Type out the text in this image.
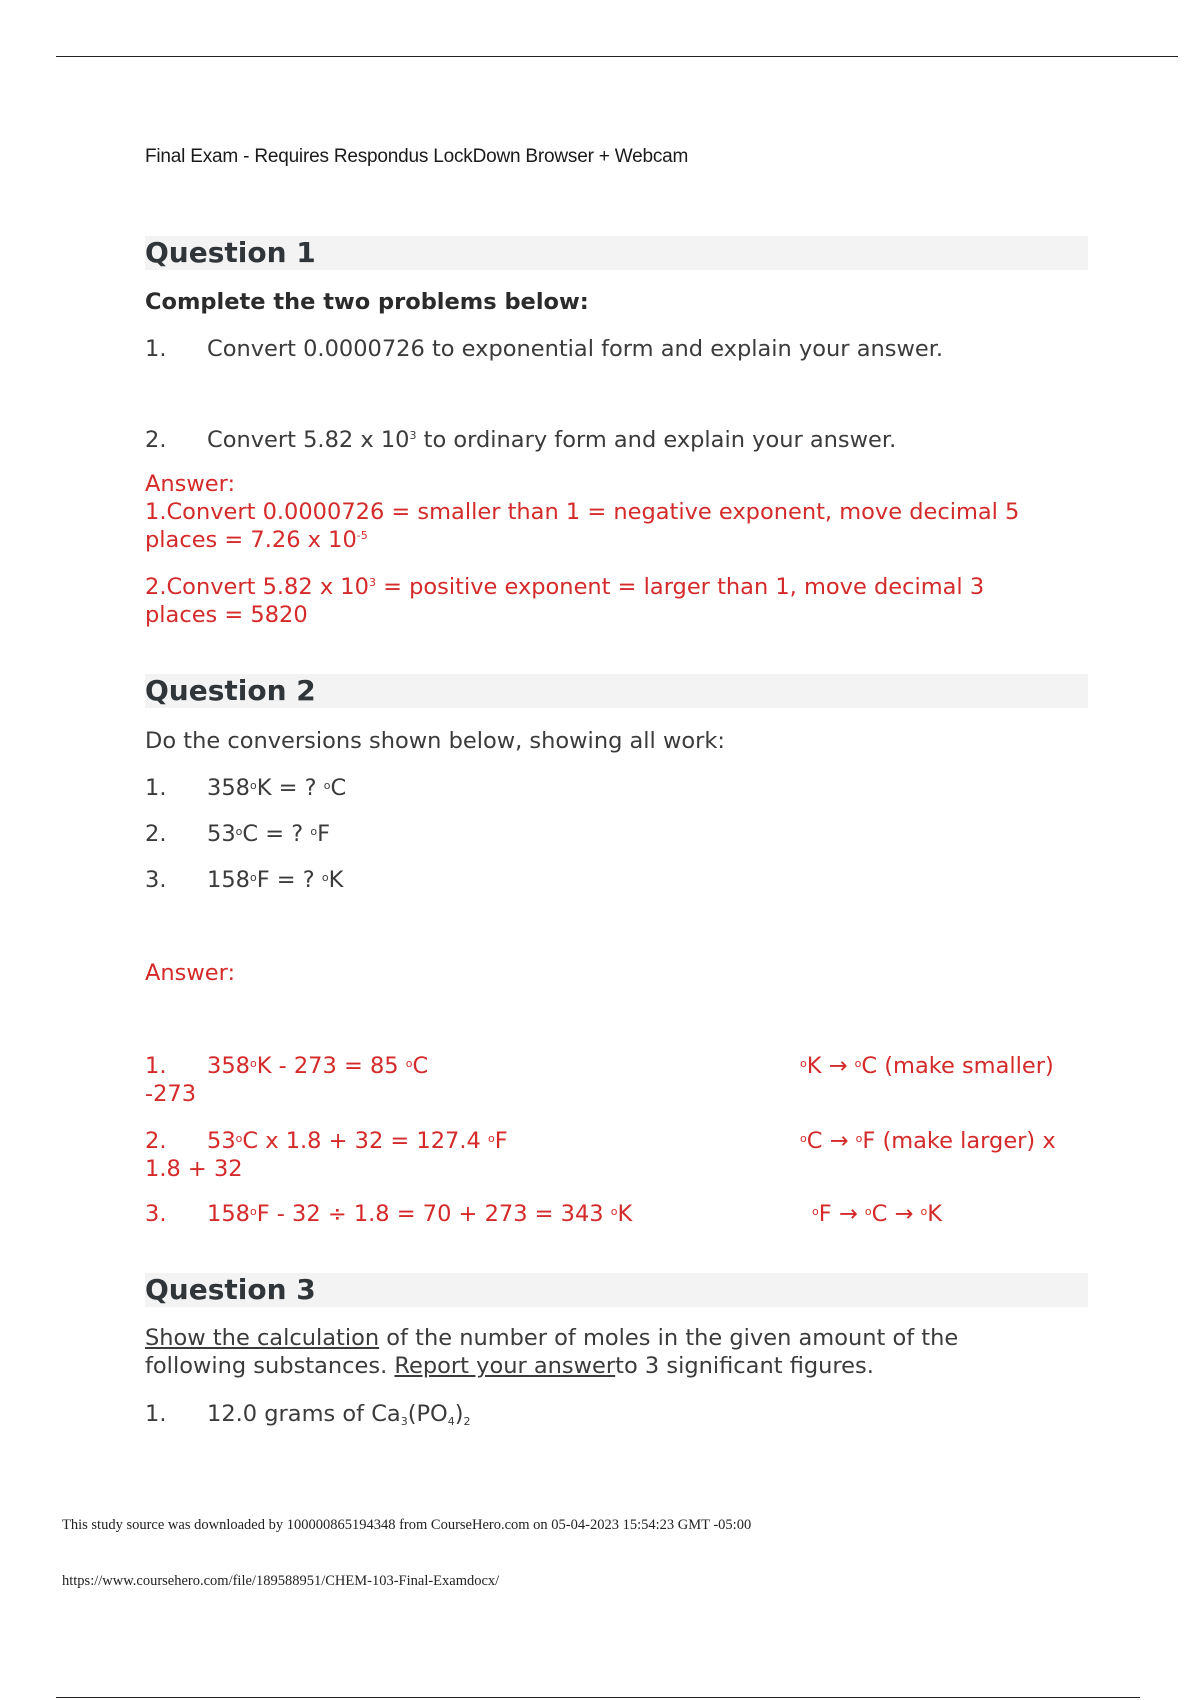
Final Exam - Requires Respondus LockDown Browser + Webcam
Question 1
Complete the two problems below:
1. Convert 0.0000726 to exponential form and explain your answer.
2. Convert 5.82 x $10^3$ to ordinary form and explain your answer.
Answer:
1.Convert 0.0000726 = smaller than 1 = negative exponent, move decimal 5
places = 7.26 x $10^{-5}$
2.Convert 5.82 x $10^3$ = positive exponent = larger than 1, move decimal 3
places = 5820
Question 2
Do the conversions shown below, showing all work:
1. $358^oK$ = ? $^o$C
2. $53^oC$ = ? $^o$F
3. $158^oF$ = ? $^o$K
Answer:
1. 358$^o$K - 273 = 85 $^o$C	$^o$K → $^o$C (make smaller)
-273
2. 53$^o$C x 1.8 + 32 = 127.4 $^o$F	$^o$C → $^o$F (make larger) x
1.8 + 32
3. 158$^o$F - 32 ÷ 1.8 = 70 + 273 = 343 $^o$K	$^o$F → $^o$C → $^o$K
Question 3
Show the calculation of the number of moles in the given amount of the
following substances. Report your answerto 3 significant figures.
1. 12.0 grams of Ca3(PO4)2
This study source was downloaded by 100000865194348 from CourseHero.com on 05-04-2023 15:54:23 GMT -05:00
https://www.coursehero.com/file/189588951/CHEM-103-Final-Examdocx/
